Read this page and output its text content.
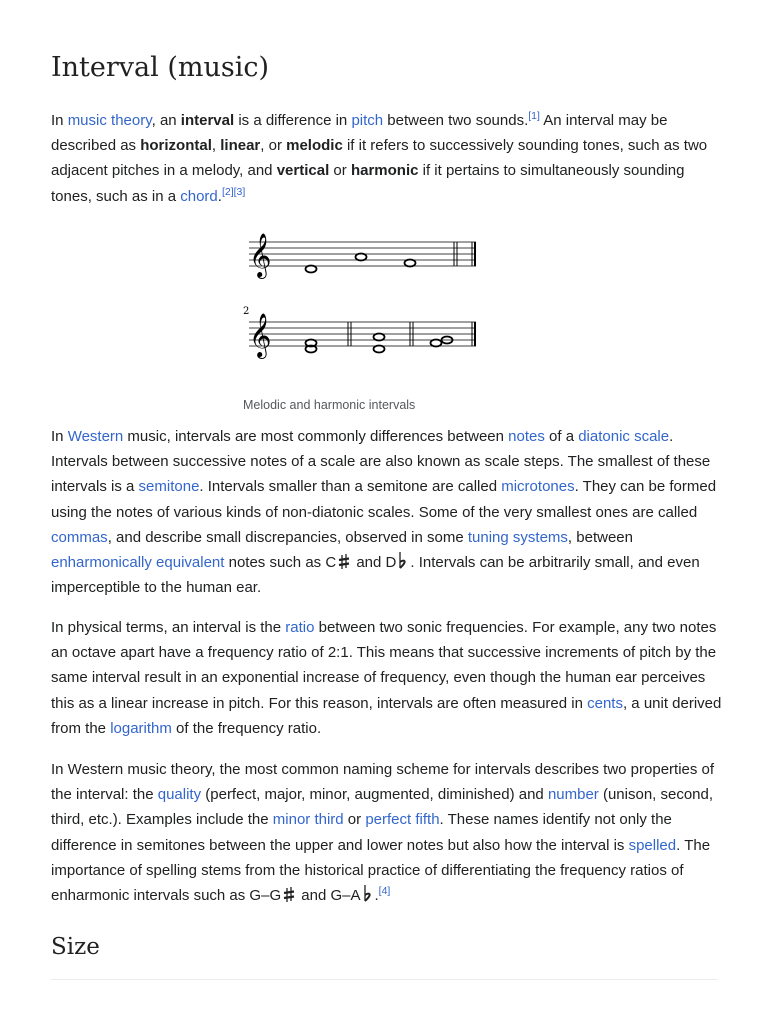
Interval (music)

In music theory, an interval is a difference in pitch between two sounds.[1] An interval may be described as horizontal, linear, or melodic if it refers to successively sounding tones, such as two adjacent pitches in a melody, and vertical or harmonic if it pertains to simultaneously sounding tones, such as in a chord.[2][3]

𝄞
2
𝄞
Melodic and harmonic intervals

In Western music, intervals are most commonly differences between notes of a diatonic scale. Intervals between successive notes of a scale are also known as scale steps. The smallest of these intervals is a semitone. Intervals smaller than a semitone are called microtones. They can be formed using the notes of various kinds of non-diatonic scales. Some of the very smallest ones are called commas, and describe small discrepancies, observed in some tuning systems, between enharmonically equivalent notes such as C and D . Intervals can be arbitrarily small, and even imperceptible to the human ear.

In physical terms, an interval is the ratio between two sonic frequencies. For example, any two notes an octave apart have a frequency ratio of 2:1. This means that successive increments of pitch by the same interval result in an exponential increase of frequency, even though the human ear perceives this as a linear increase in pitch. For this reason, intervals are often measured in cents, a unit derived from the logarithm of the frequency ratio.

In Western music theory, the most common naming scheme for intervals describes two properties of the interval: the quality (perfect, major, minor, augmented, diminished) and number (unison, second, third, etc.). Examples include the minor third or perfect fifth. These names identify not only the difference in semitones between the upper and lower notes but also how the interval is spelled. The importance of spelling stems from the historical practice of differentiating the frequency ratios of enharmonic intervals such as G–G and G–A .[4]

Size
